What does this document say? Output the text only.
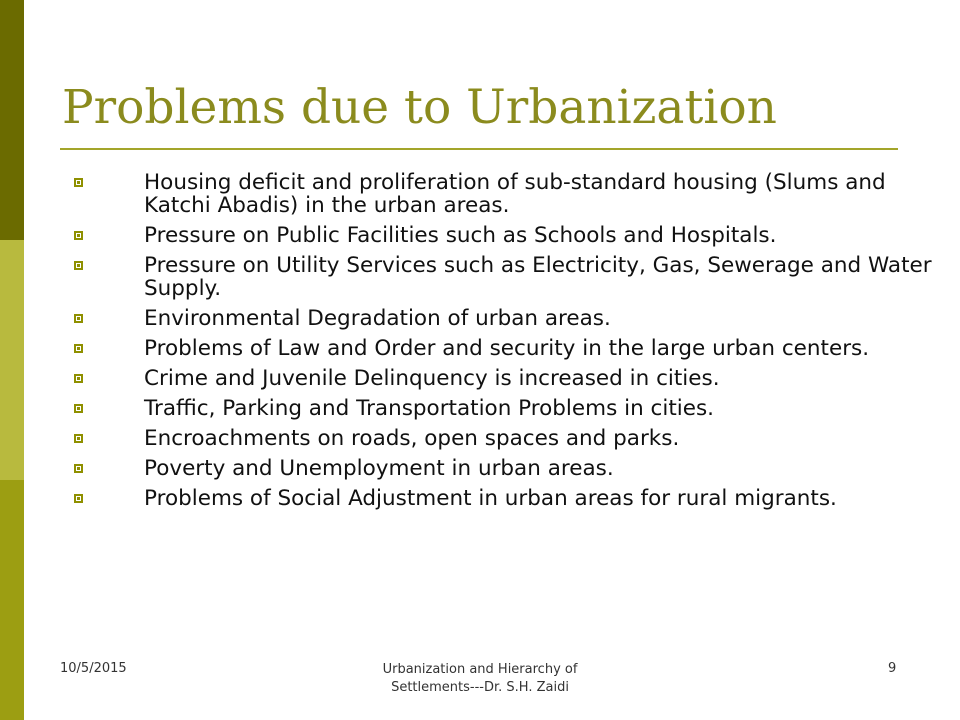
Problems due to Urbanization
Housing deficit and proliferation of sub-standard housing (Slums and Katchi Abadis) in the urban areas.
Pressure on Public Facilities such as Schools and Hospitals.
Pressure on Utility Services such as Electricity, Gas, Sewerage and Water Supply.
Environmental Degradation of urban areas.
Problems of Law and Order and security in the large urban centers.
Crime and Juvenile Delinquency is increased in cities.
Traffic, Parking and Transportation Problems in cities.
Encroachments on roads, open spaces and parks.
Poverty and Unemployment in urban areas.
Problems of Social Adjustment in urban areas for rural migrants.
10/5/2015	Urbanization and Hierarchy of
Settlements---Dr. S.H. Zaidi
9
